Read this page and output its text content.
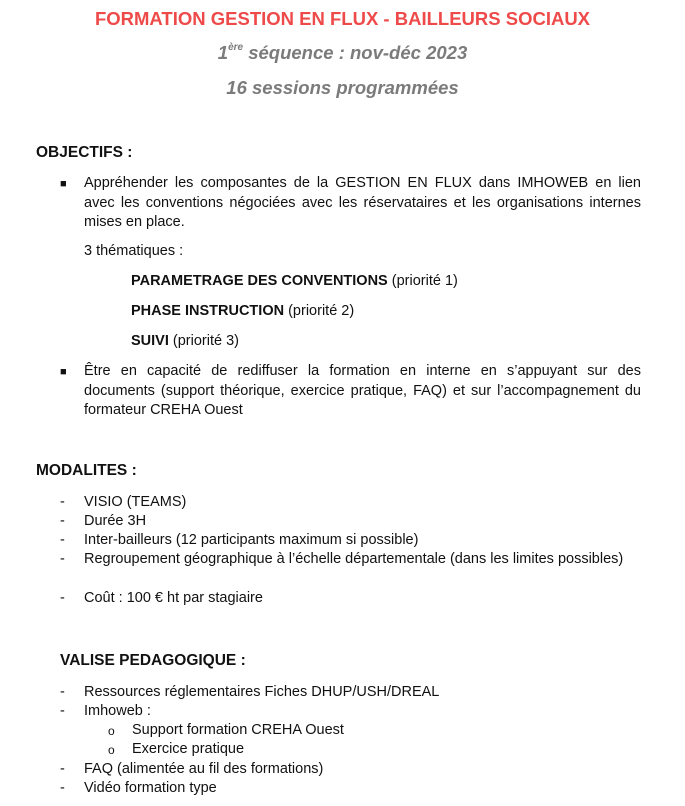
FORMATION GESTION EN FLUX - BAILLEURS SOCIAUX
1ère séquence : nov-déc 2023
16 sessions programmées
OBJECTIFS :
■ Appréhender les composantes de la GESTION EN FLUX dans IMHOWEB en lien avec les conventions négociées avec les réservataires et les organisations internes mises en place.
3 thématiques :
PARAMETRAGE DES CONVENTIONS (priorité 1)
PHASE INSTRUCTION (priorité 2)
SUIVI (priorité 3)
■ Être en capacité de rediffuser la formation en interne en s’appuyant sur des documents (support théorique, exercice pratique, FAQ) et sur l’accompagnement du formateur CREHA Ouest
MODALITES :
- VISIO (TEAMS)
- Durée 3H
- Inter-bailleurs (12 participants maximum si possible)
- Regroupement géographique à l’échelle départementale (dans les limites possibles)
- Coût : 100 € ht par stagiaire
VALISE PEDAGOGIQUE :
- Ressources réglementaires Fiches DHUP/USH/DREAL
- Imhoweb :
o Support formation CREHA Ouest
o Exercice pratique
- FAQ (alimentée au fil des formations)
- Vidéo formation type
